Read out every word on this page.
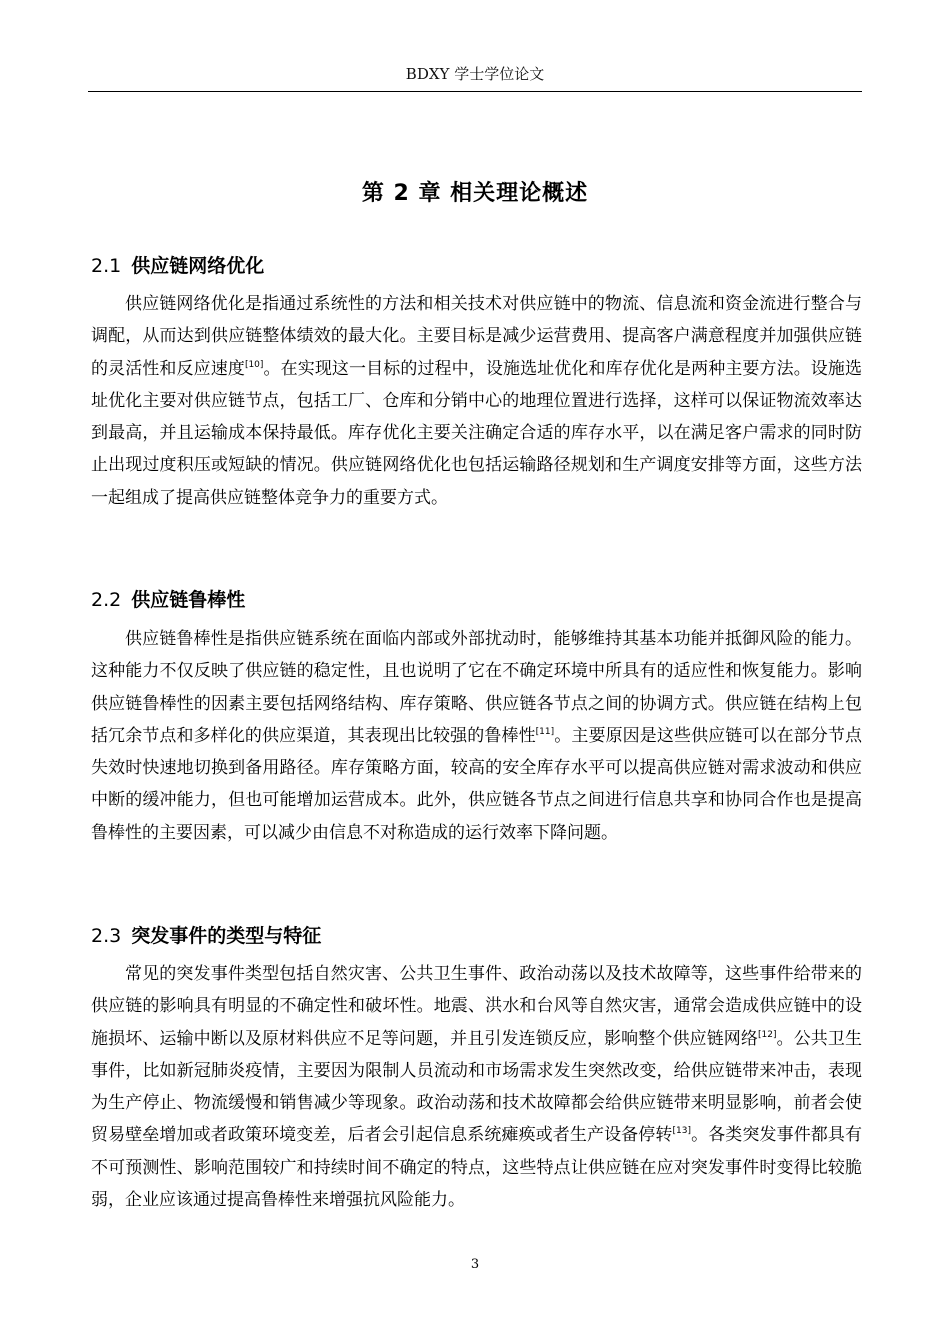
BDXY 学士学位论文
第 2 章 相关理论概述
2.1 供应链网络优化

供应链网络优化是指通过系统性的方法和相关技术对供应链中的物流、信息流和资金流进行整合与调配，从而达到供应链整体绩效的最大化。主要目标是减少运营费用、提高客户满意程度并加强供应链的灵活性和反应速度[10]。在实现这一目标的过程中，设施选址优化和库存优化是两种主要方法。设施选址优化主要对供应链节点，包括工厂、仓库和分销中心的地理位置进行选择，这样可以保证物流效率达到最高，并且运输成本保持最低。库存优化主要关注确定合适的库存水平，以在满足客户需求的同时防止出现过度积压或短缺的情况。供应链网络优化也包括运输路径规划和生产调度安排等方面，这些方法一起组成了提高供应链整体竞争力的重要方式。

2.2 供应链鲁棒性

供应链鲁棒性是指供应链系统在面临内部或外部扰动时，能够维持其基本功能并抵御风险的能力。这种能力不仅反映了供应链的稳定性，且也说明了它在不确定环境中所具有的适应性和恢复能力。影响供应链鲁棒性的因素主要包括网络结构、库存策略、供应链各节点之间的协调方式。供应链在结构上包括冗余节点和多样化的供应渠道，其表现出比较强的鲁棒性[11]。主要原因是这些供应链可以在部分节点失效时快速地切换到备用路径。库存策略方面，较高的安全库存水平可以提高供应链对需求波动和供应中断的缓冲能力，但也可能增加运营成本。此外，供应链各节点之间进行信息共享和协同合作也是提高鲁棒性的主要因素，可以减少由信息不对称造成的运行效率下降问题。

2.3 突发事件的类型与特征

常见的突发事件类型包括自然灾害、公共卫生事件、政治动荡以及技术故障等，这些事件给带来的供应链的影响具有明显的不确定性和破坏性。地震、洪水和台风等自然灾害，通常会造成供应链中的设施损坏、运输中断以及原材料供应不足等问题，并且引发连锁反应，影响整个供应链网络[12]。公共卫生事件，比如新冠肺炎疫情，主要因为限制人员流动和市场需求发生突然改变，给供应链带来冲击，表现为生产停止、物流缓慢和销售减少等现象。政治动荡和技术故障都会给供应链带来明显影响，前者会使贸易壁垒增加或者政策环境变差，后者会引起信息系统瘫痪或者生产设备停转[13]。各类突发事件都具有不可预测性、影响范围较广和持续时间不确定的特点，这些特点让供应链在应对突发事件时变得比较脆弱，企业应该通过提高鲁棒性来增强抗风险能力。

3
